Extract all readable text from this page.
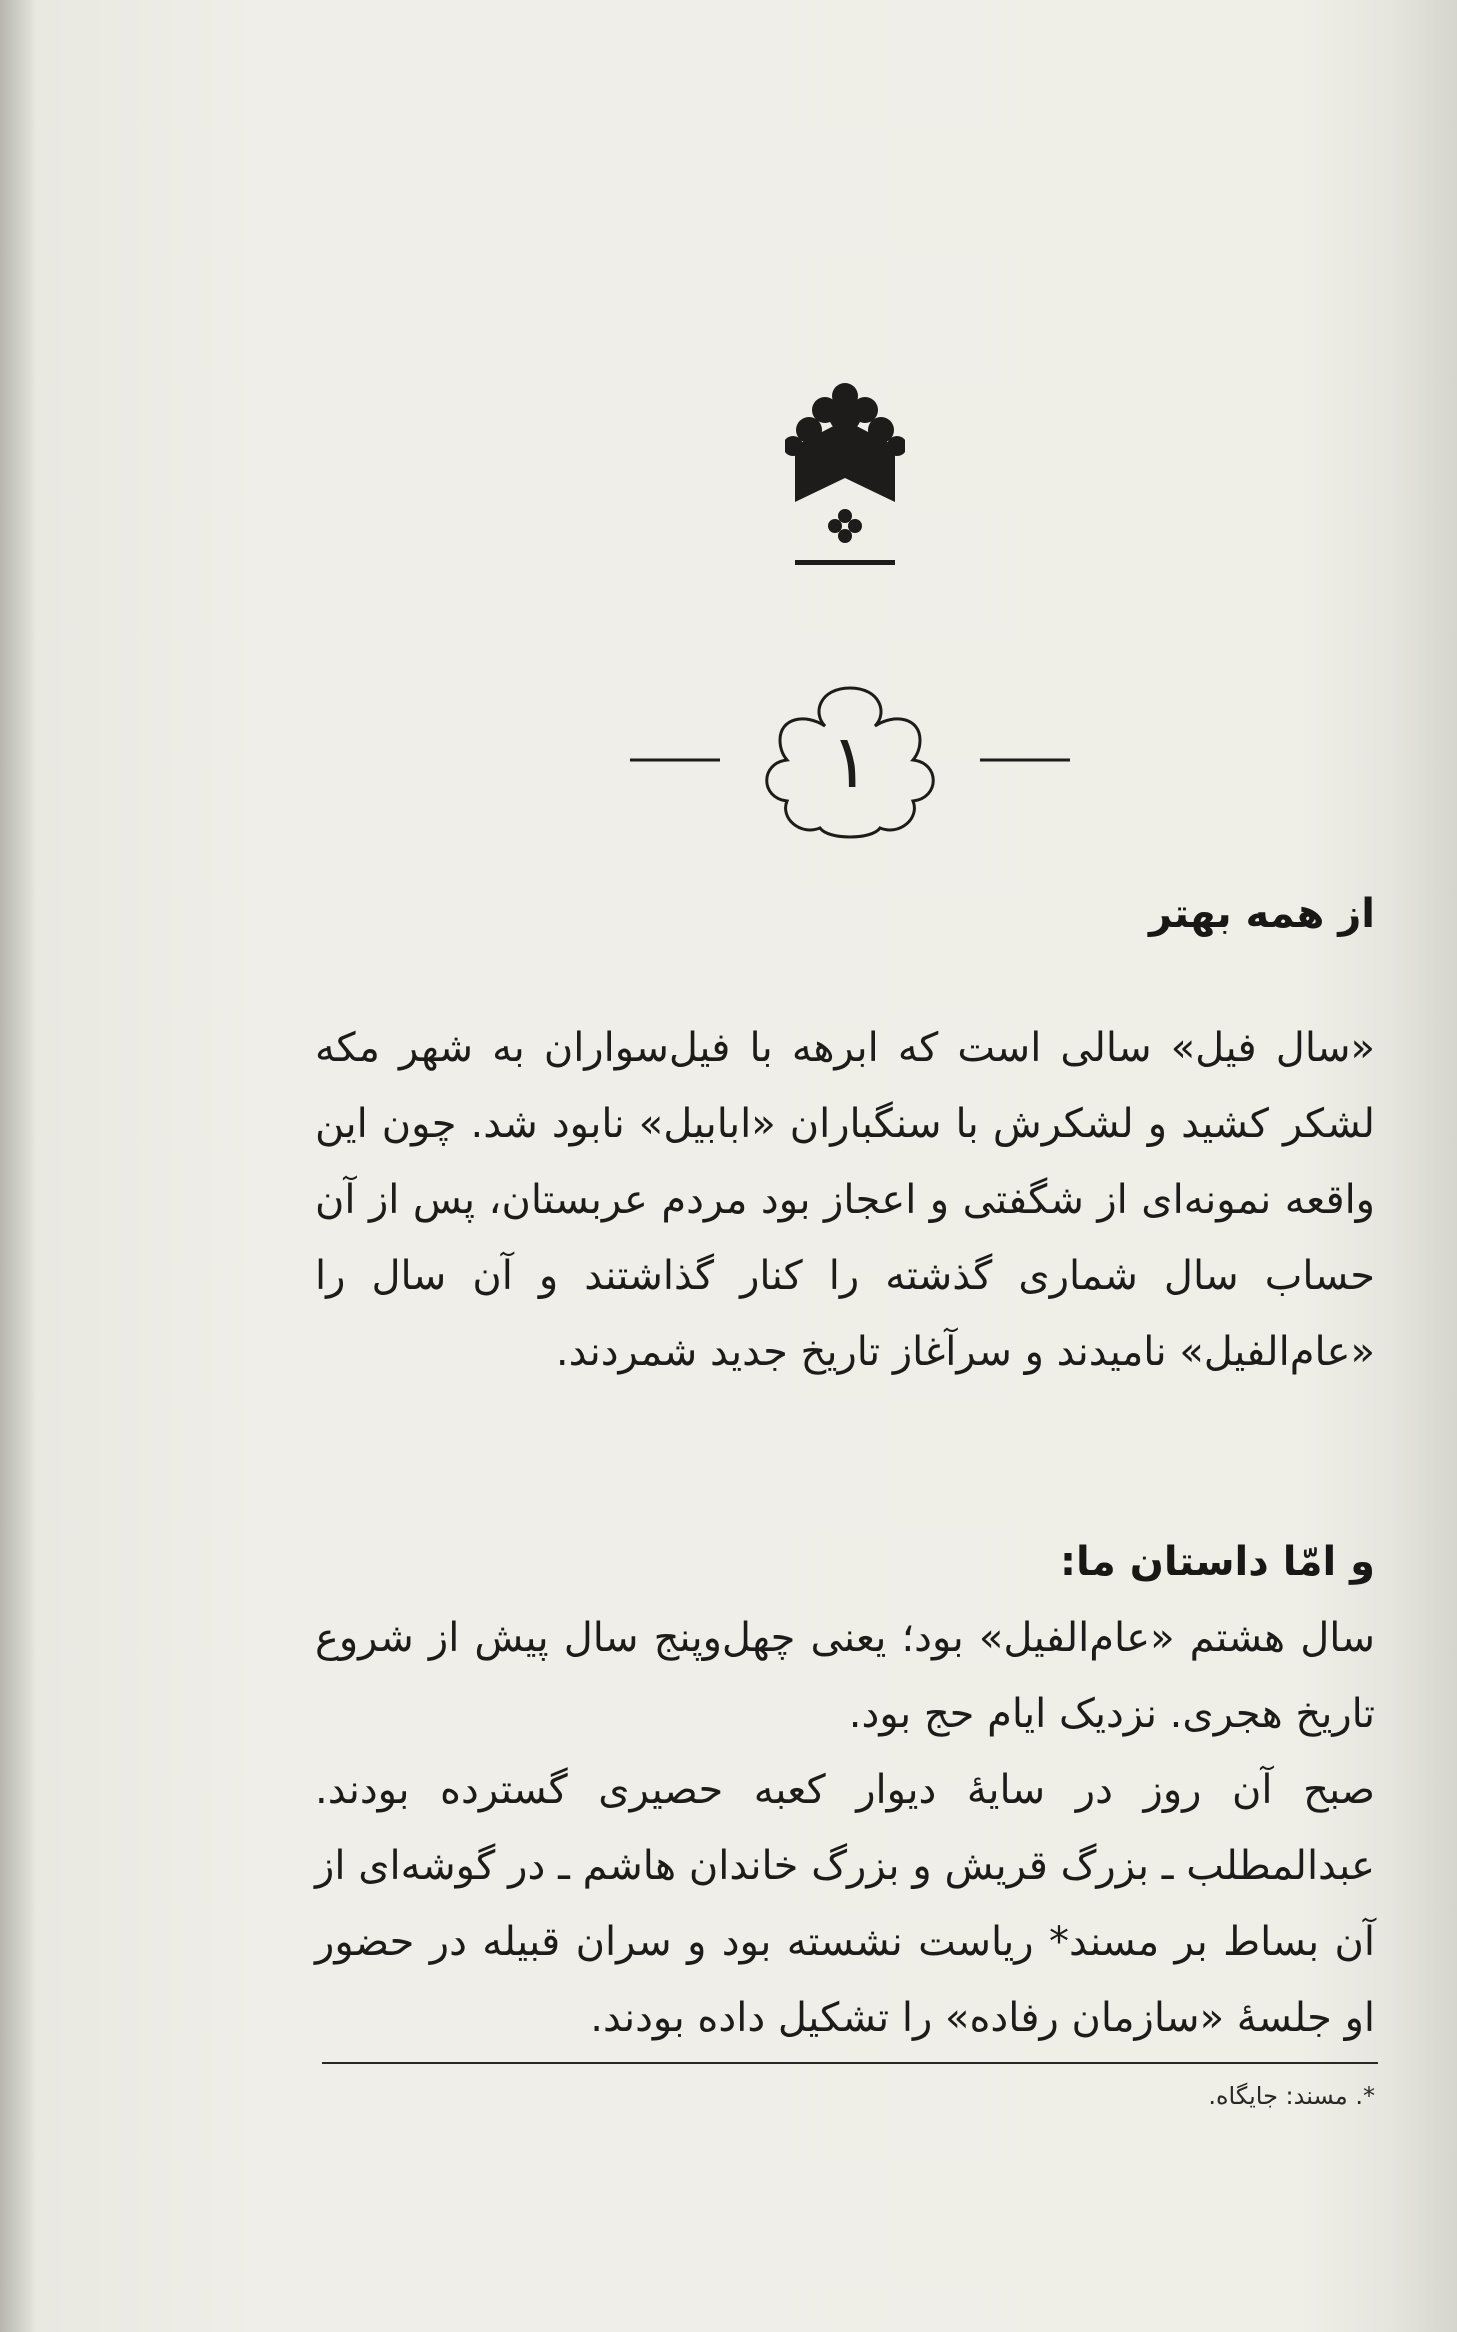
۱
از همه بهتر

«سال فیل» سالی است که ابرهه با فیل‌سواران به شهر مکه لشکر کشید و لشکرش با سنگباران «ابابیل» نابود شد. چون این واقعه نمونه‌ای از شگفتی و اعجاز بود مردم عربستان، پس از آن حساب سال شماری گذشته را کنار گذاشتند و آن سال را «عام‌الفیل» نامیدند و سرآغاز تاریخ جدید شمردند.

و امّا داستان ما:

سال هشتم «عام‌الفیل» بود؛ یعنی چهل‌وپنج سال پیش از شروع تاریخ هجری. نزدیک ایام حج بود.

صبح آن روز در سایهٔ دیوار کعبه حصیری گسترده بودند. عبدالمطلب ـ بزرگ قریش و بزرگ خاندان هاشم ـ در گوشه‌ای از آن بساط بر مسند* ریاست نشسته بود و سران قبیله در حضور او جلسهٔ «سازمان رفاده» را تشکیل داده بودند.

*. مسند: جایگاه.
